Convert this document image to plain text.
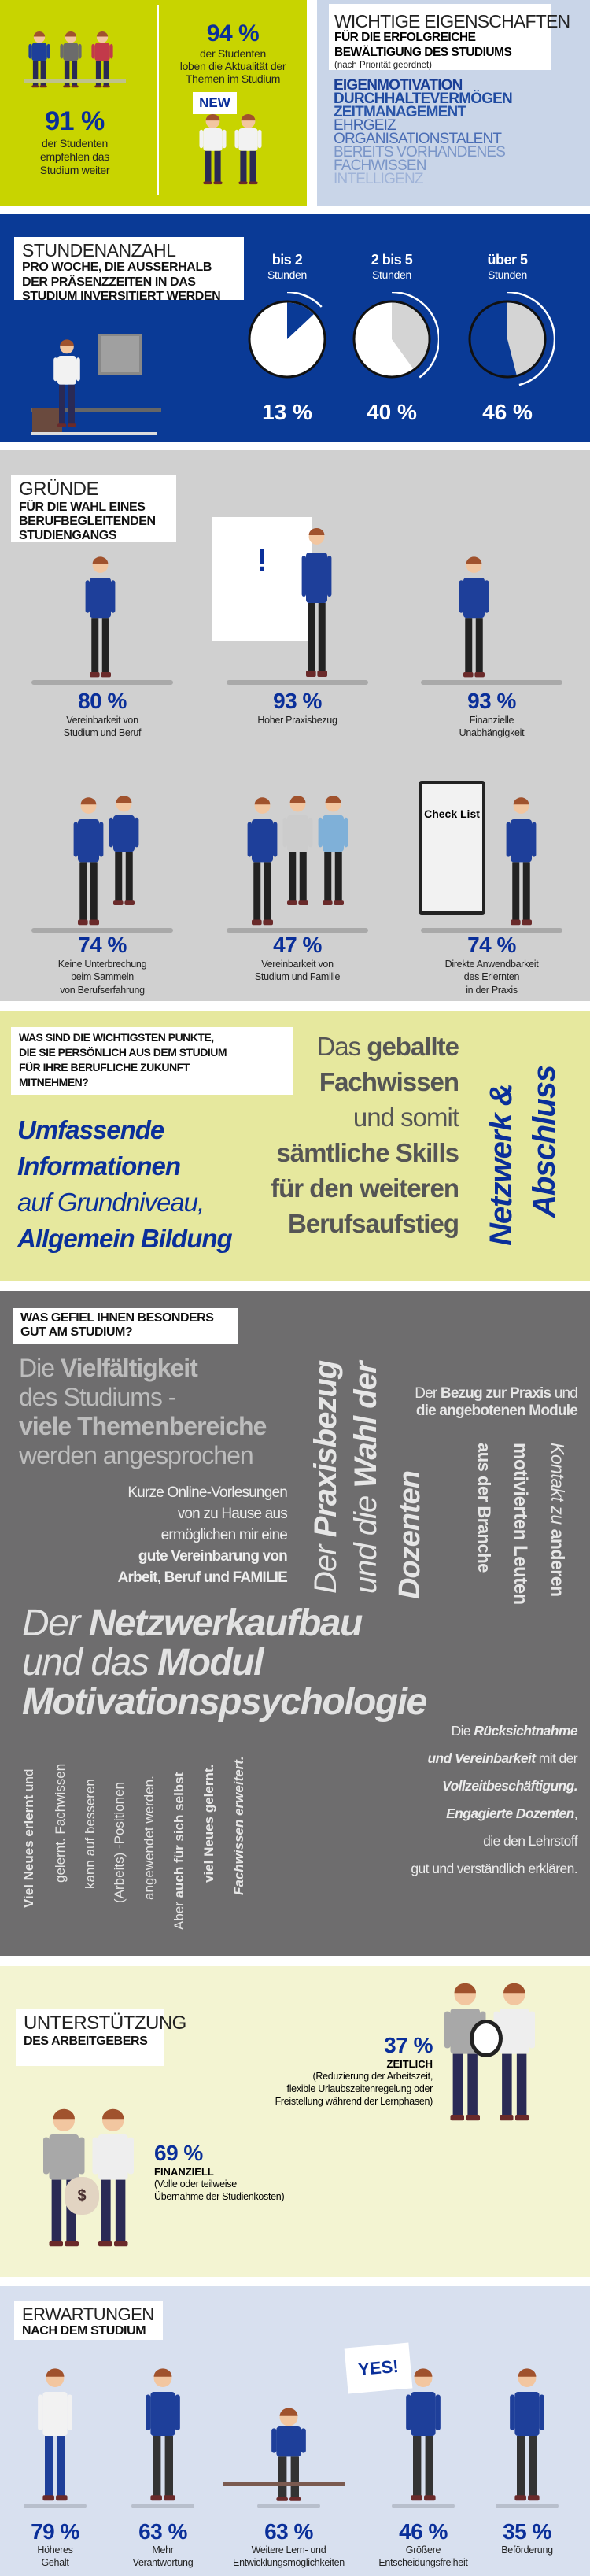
91 %
der Studenten
empfehlen das
Studium weiter
94 %
der Studenten
loben die Aktualität der
Themen im Studium
NEW
WICHTIGE EIGENSCHAFTEN
FÜR DIE ERFOLGREICHE
BEWÄLTIGUNG DES STUDIUMS
(nach Priorität geordnet)
EIGENMOTIVATION
DURCHHALTEVERMÖGEN
ZEITMANAGEMENT
EHRGEIZ
ORGANISATIONSTALENT
BEREITS VORHANDENES
FACHWISSEN
INTELLIGENZ
STUNDENANZAHL
PRO WOCHE, DIE AUSSERHALB
DER PRÄSENZZEITEN IN DAS
STUDIUM INVERSITIERT WERDEN
bis 2
Stunden
13 %
2 bis 5
Stunden
40 %
über 5
Stunden
46 %
GRÜNDE
FÜR DIE WAHL EINES
BERUFBEGLEITENDEN
STUDIENGANGS
!
Check List
80 %
Vereinbarkeit von
Studium und Beruf
93 %
Hoher Praxisbezug
93 %
Finanzielle
Unabhängigkeit
74 %
Keine Unterbrechung
beim Sammeln
von Berufserfahrung
47 %
Vereinbarkeit von
Studium und Familie
74 %
Direkte Anwendbarkeit
des Erlernten
in der Praxis
WAS SIND DIE WICHTIGSTEN PUNKTE,
DIE SIE PERSÖNLICH AUS DEM STUDIUM
FÜR IHRE BERUFLICHE ZUKUNFT
MITNEHMEN?
Umfassende
Informationen
auf Grundniveau,
Allgemein Bildung
Das geballte
Fachwissen
und somit
sämtliche Skills
für den weiteren
Berufsaufstieg Netzwerk & Abschluss
WAS GEFIEL IHNEN BESONDERS
GUT AM STUDIUM?
Die Vielfältigkeit
des Studiums -
viele Themenbereiche
werden angesprochen
Kurze Online-Vorlesungen
von zu Hause aus
ermöglichen mir eine
gute Vereinbarung von
Arbeit, Beruf und FAMILIE Der Praxisbezug
und die Wahl der
Dozenten
Der Bezug zur Praxis und
die angebotenen Module
Kontakt zu anderen
motivierten Leuten
aus der Branche
Der Netzwerkaufbau
und das Modul
Motivationspsychologie
Die Rücksichtnahme
und Vereinbarkeit mit der
Vollzeitbeschäftigung.
Engagierte Dozenten,
die den Lehrstoff
gut und verständlich erklären.
Viel Neues erlernt und gelernt. Fachwissen kann auf besseren (Arbeits) -Positionen angewendet werden.
Aber auch für sich selbst viel Neues gelernt. Fachwissen erweitert.
UNTERSTÜTZUNG
DES ARBEITGEBERS	37 %
ZEITLICH
(Reduzierung der Arbeitszeit,
flexible Urlaubszeitenregelung oder
Freistellung während der Lernphasen)
69 %
FINANZIELL
(Volle oder teilweise
Übernahme der Studienkosten)
$
ERWARTUNGEN
NACH DEM STUDIUM
YES!
79 %
Höheres
Gehalt
63 %
Mehr
Verantwortung
63 %
Weitere Lern- und
Entwicklungsmöglichkeiten
46 %
Größere
Entscheidungsfreiheit
35 %
Beförderung
